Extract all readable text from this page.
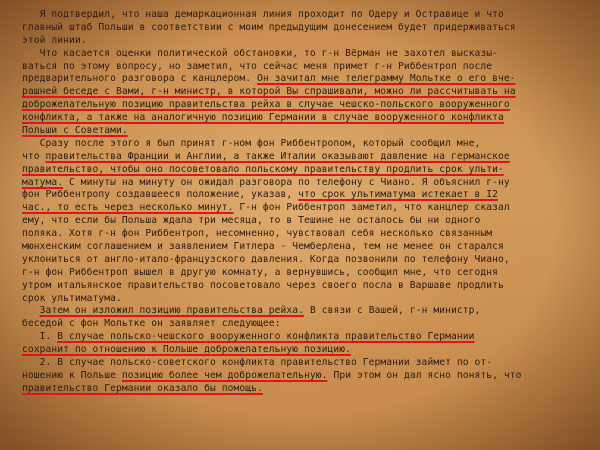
Я подтвердил, что наша демаркационная линия проходит по Одеру и Остравице и что
главный штаб Польши в соответствии с моим предыдущим донесением будет придерживаться
этой линии.
Что касается оценки политической обстановки, то г-н Вёрман не захотел высказы-
ваться по этому вопросу, но заметил, что сейчас меня примет г-н Риббентроп после
предварительного разговора с канцлером. Он зачитал мне телеграмму Мольтке о его вче-
рашней беседе с Вами, г-н министр, в которой Вы спрашивали, можно ли рассчитывать на
доброжелательную позицию правительства рейха в случае чешско-польского вооруженного
конфликта, а также на аналогичную позицию Германии в случае вооруженного конфликта
Польши с Советами.
Сразу после этого я был принят г-ном фон Риббентропом, который сообщил мне,
что правительства Франции и Англии, а также Италии оказывают давление на германское
правительство, чтобы оно посоветовало польскому правительству продлить срок ульти-
матума. С минуты на минуту он ожидал разговора по телефону с Чиано. Я объяснил г-ну
фон Риббентропу создавшееся положение, указав, что срок ультиматума истекает в I2
час., то есть через несколько минут. Г-н фон Риббентроп заметил, что канцлер сказал
ему, что если бы Польша ждала три месяца, то в Тешине не осталось бы ни одного
поляка. Хотя г-н фон Риббентроп, несомненно, чувствовал себя несколько связанным
мюнхенским соглашением и заявлением Гитлера - Чемберлена, тем не менее он старался
уклониться от англо-итало-французского давления. Когда позвонили по телефону Чиано,
г-н фон Риббентроп вышел в другую комнату, а вернувшись, сообщил мне, что сегодня
утром итальянское правительство посоветовало через своего посла в Варшаве продлить
срок ультиматума.
Затем он изложил позицию правительства рейха. В связи с Вашей, г-н министр,
беседой с фон Мольтке он заявляет следующее:
I. В случае польско-чешского вооруженного конфликта правительство Германии
сохранит по отношению к Польше доброжелательную позицию.
2. В случае польско-советского конфликта правительство Германии займет по от-
ношению к Польше позицию более чем доброжелательную. При этом он дал ясно понять, что
правительство Германии оказало бы помощь.
